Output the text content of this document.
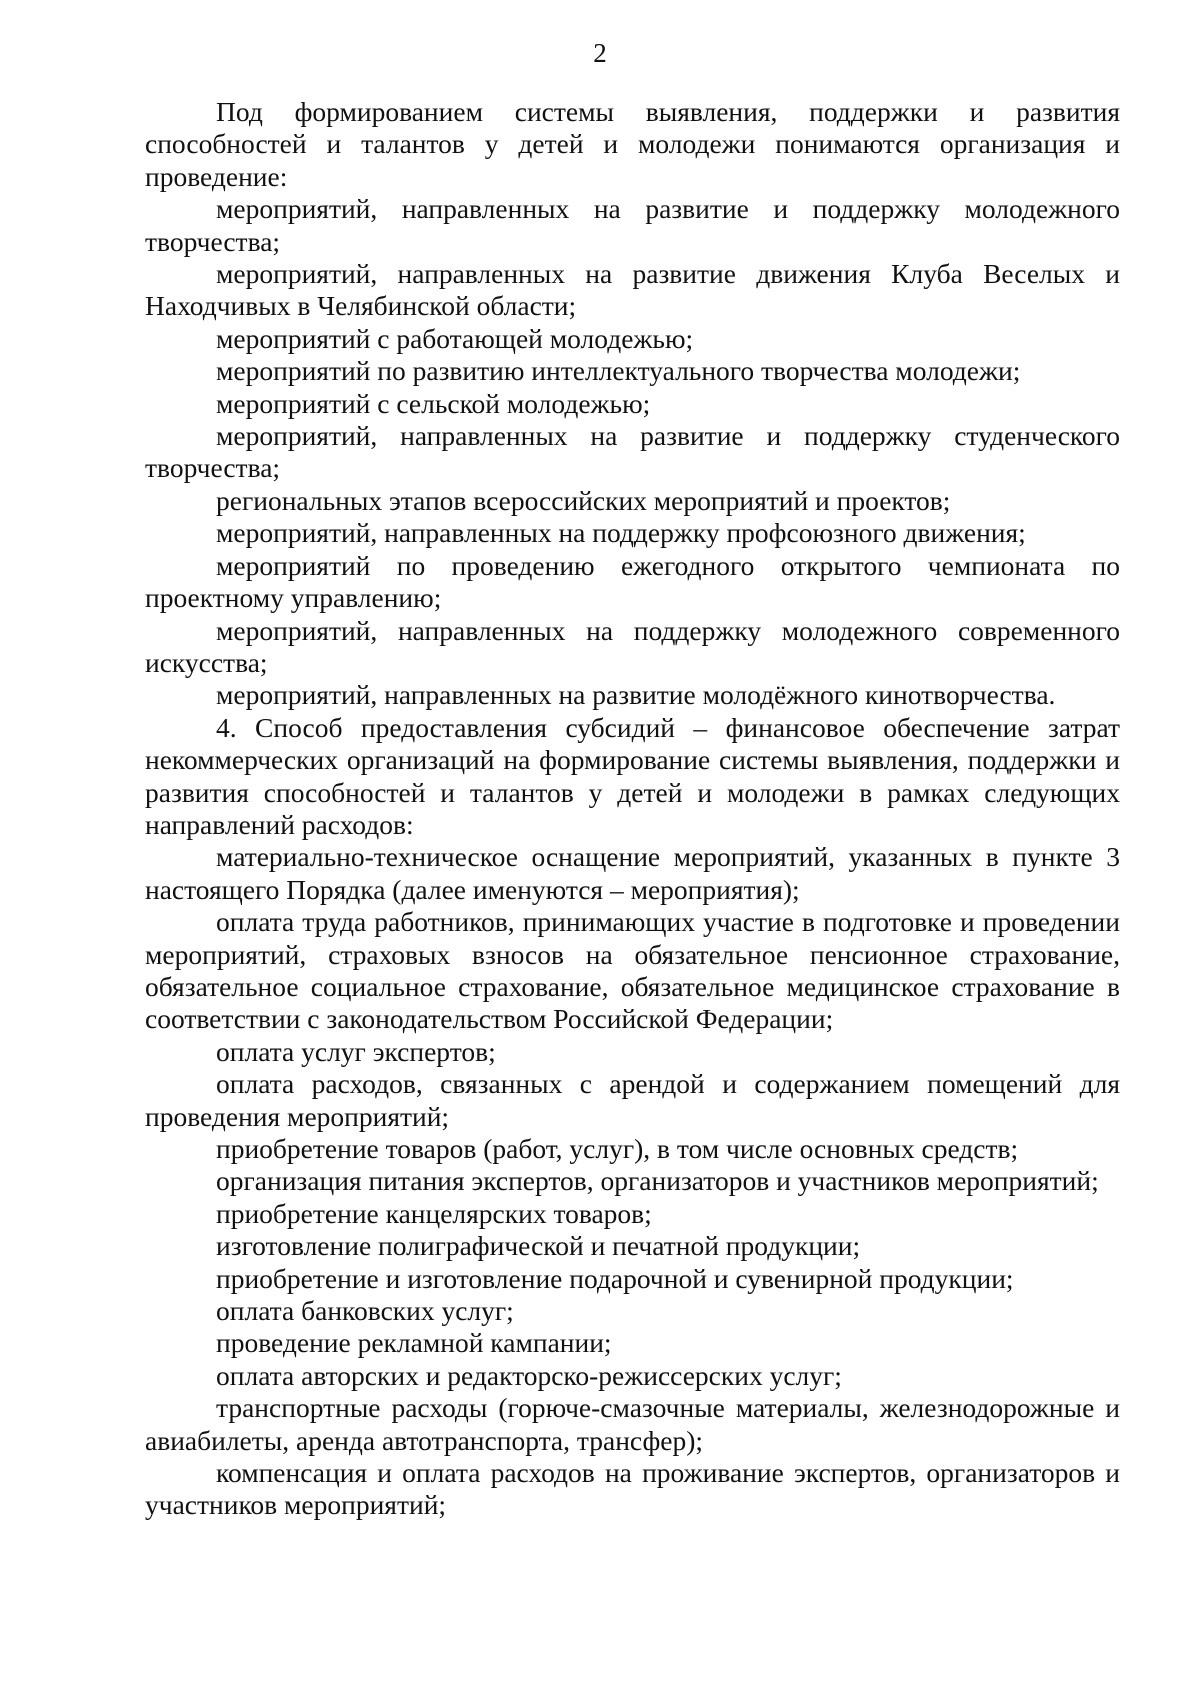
2

Под формированием системы выявления, поддержки и развития способностей и талантов у детей и молодежи понимаются организация и проведение:

мероприятий, направленных на развитие и поддержку молодежного творчества;

мероприятий, направленных на развитие движения Клуба Веселых и Находчивых в Челябинской области;

мероприятий с работающей молодежью;

мероприятий по развитию интеллектуального творчества молодежи;

мероприятий с сельской молодежью;

мероприятий, направленных на развитие и поддержку студенческого творчества;

региональных этапов всероссийских мероприятий и проектов;

мероприятий, направленных на поддержку профсоюзного движения;

мероприятий по проведению ежегодного открытого чемпионата по проектному управлению;

мероприятий, направленных на поддержку молодежного современного искусства;

мероприятий, направленных на развитие молодёжного кинотворчества.

4. Способ предоставления субсидий – финансовое обеспечение затрат некоммерческих организаций на формирование системы выявления, поддержки и развития способностей и талантов у детей и молодежи в рамках следующих направлений расходов:

материально-техническое оснащение мероприятий, указанных в пункте 3 настоящего Порядка (далее именуются – мероприятия);

оплата труда работников, принимающих участие в подготовке и проведении мероприятий, страховых взносов на обязательное пенсионное страхование, обязательное социальное страхование, обязательное медицинское страхование в соответствии с законодательством Российской Федерации;

оплата услуг экспертов;

оплата расходов, связанных с арендой и содержанием помещений для проведения мероприятий;

приобретение товаров (работ, услуг), в том числе основных средств;

организация питания экспертов, организаторов и участников мероприятий;

приобретение канцелярских товаров;

изготовление полиграфической и печатной продукции;

приобретение и изготовление подарочной и сувенирной продукции;

оплата банковских услуг;

проведение рекламной кампании;

оплата авторских и редакторско-режиссерских услуг;

транспортные расходы (горюче-смазочные материалы, железнодорожные и авиабилеты, аренда автотранспорта, трансфер);

компенсация и оплата расходов на проживание экспертов, организаторов и участников мероприятий;
